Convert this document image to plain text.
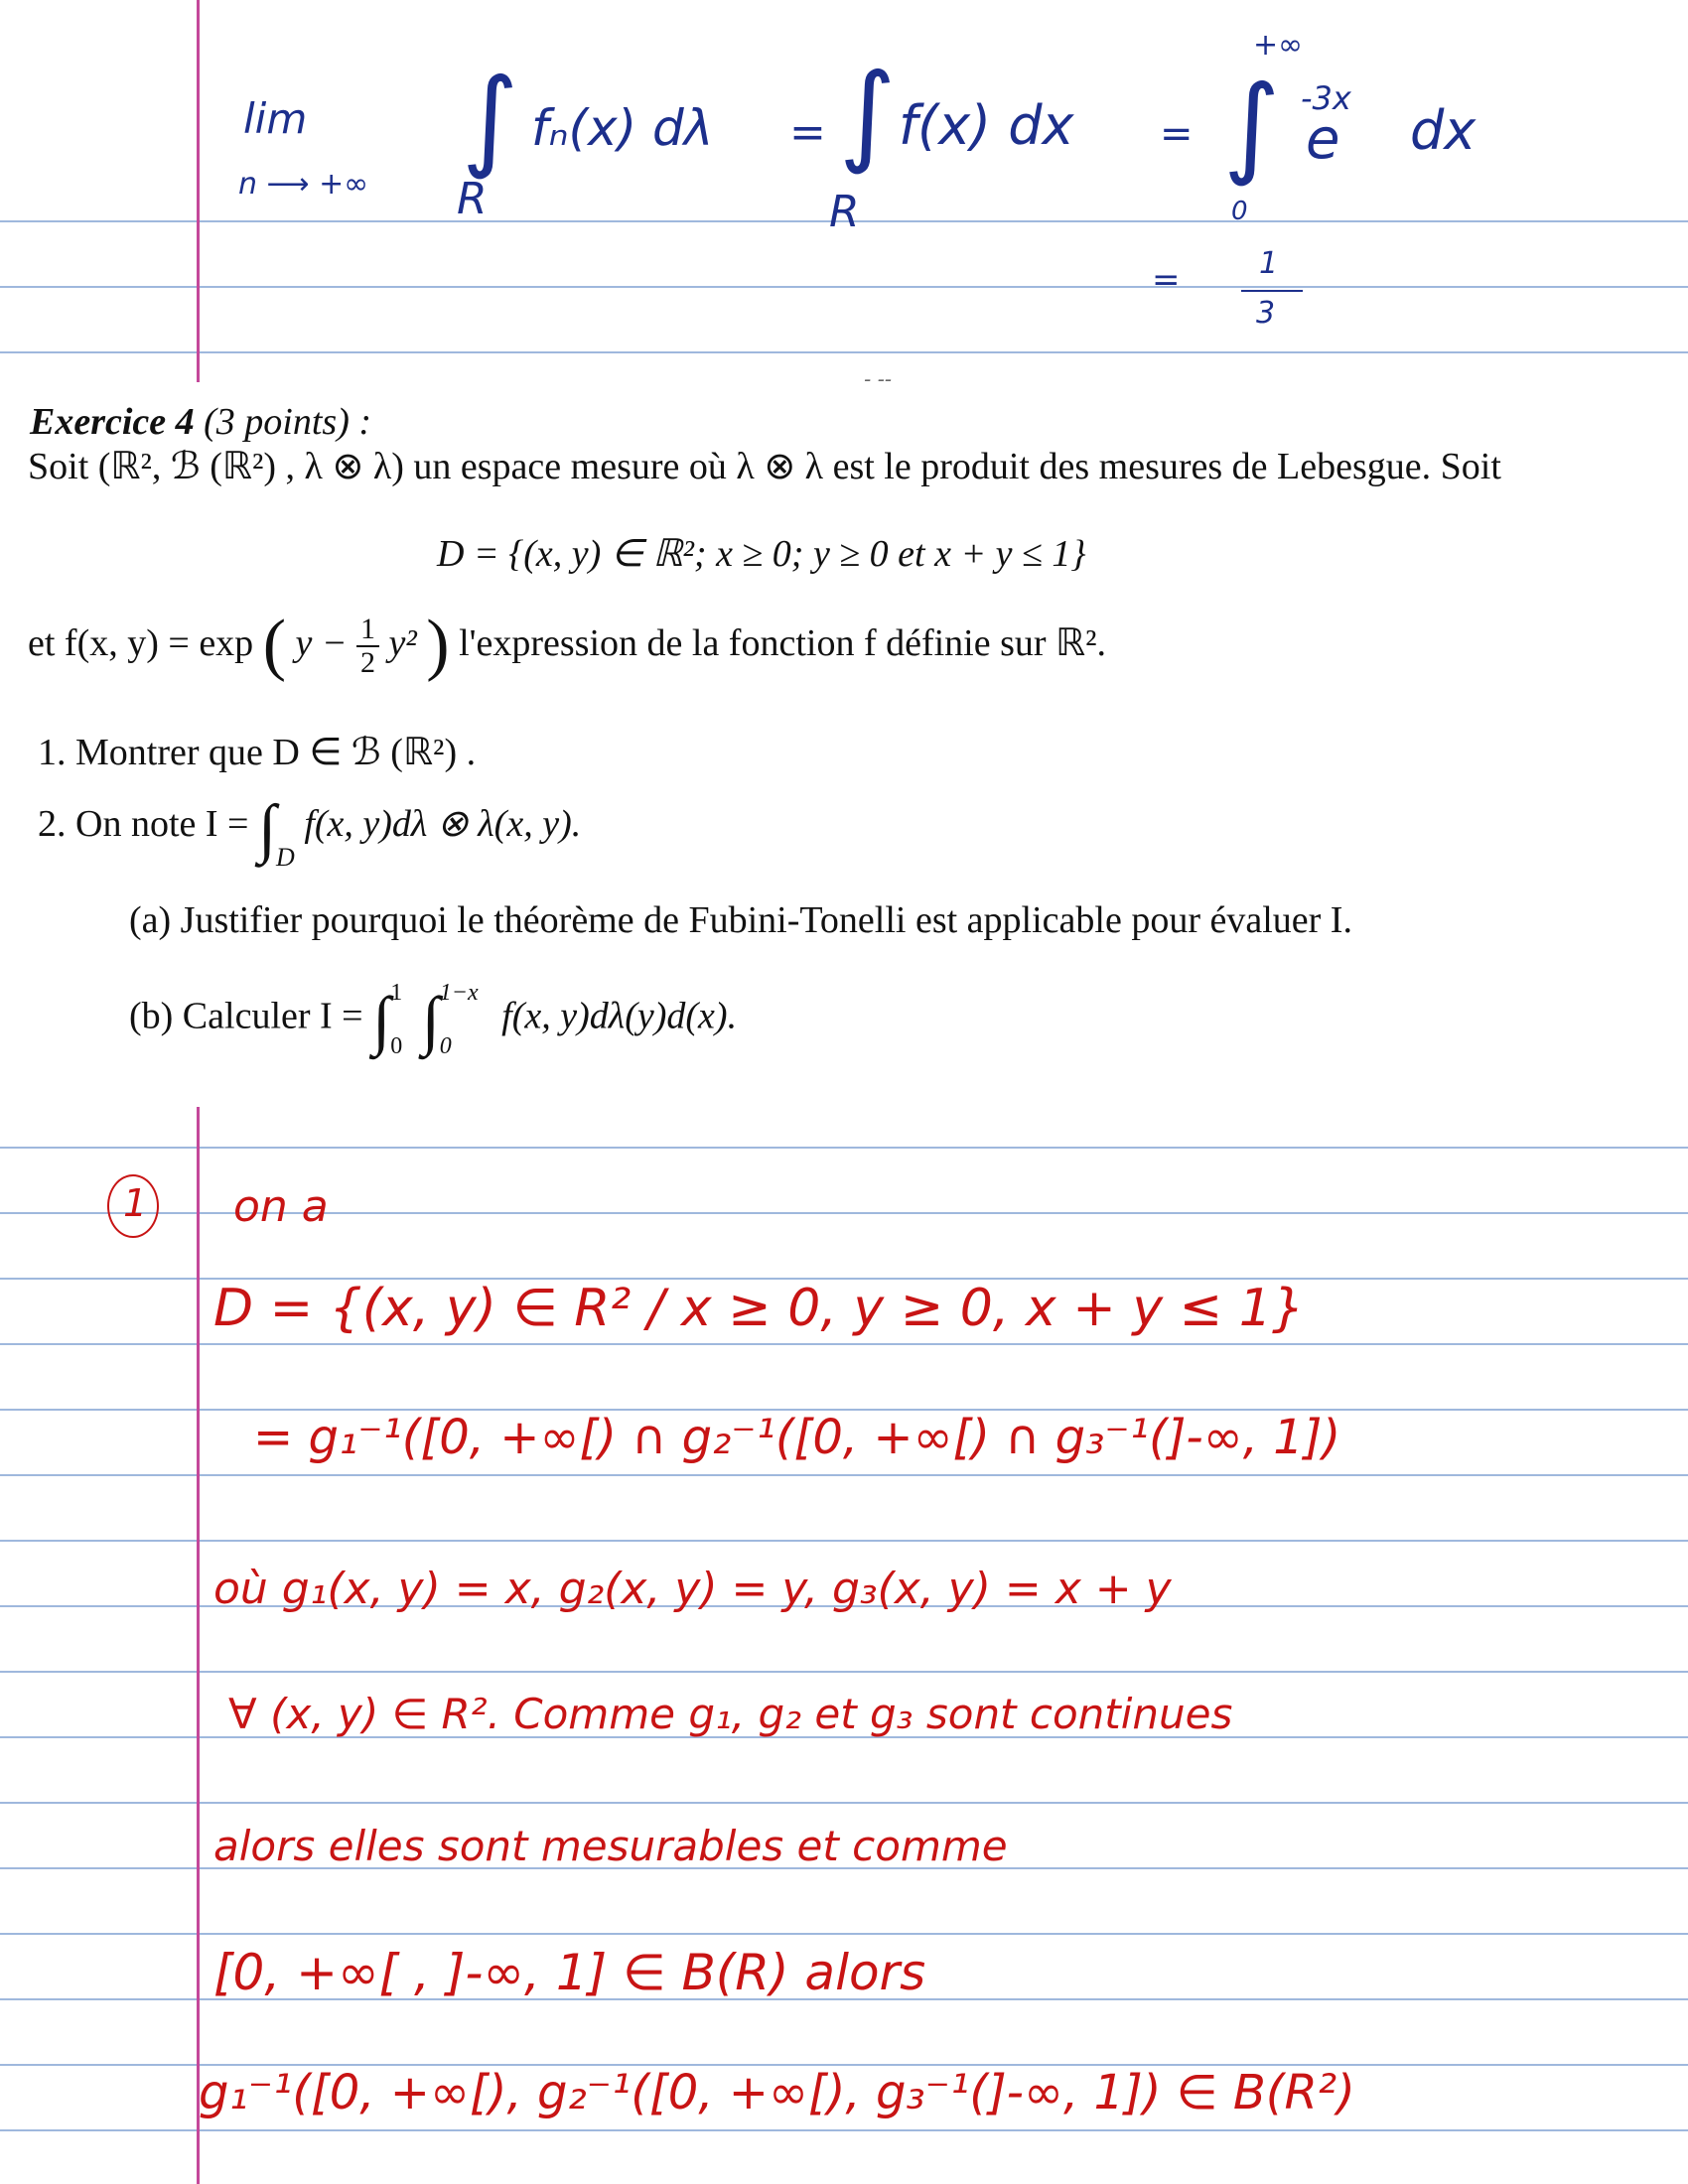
lim
n ⟶ +∞
∫
R
fₙ(x) dλ = ∫
R
f(x) dx =
+∞
∫
0
e
-3x
dx
=	1
3
- --
Exercice 4 (3 points) :
Soit (ℝ², ℬ (ℝ²) , λ ⊗ λ) un espace mesure où λ ⊗ λ est le produit des mesures de Lebesgue. Soit
D = {(x, y) ∈ ℝ²; x ≥ 0; y ≥ 0 et x + y ≤ 1}
et f(x, y) = exp ( $y - \frac{1}{2} y^2$ ) l'expression de la fonction f définie sur ℝ².
1. Montrer que D ∈ ℬ (ℝ²) .
2. On note $I = \int_D$ f(x, y)dλ ⊗ λ(x, y).
(a) Justifier pourquoi le théorème de Fubini-Tonelli est applicable pour évaluer I.
(b) Calculer I = ∫ 1
0 ∫ 1−x
0
f(x, y)dλ(y)d(x).
1 on a
D = {(x, y) ∈ R² / x ≥ 0, y ≥ 0, x + y ≤ 1}
= g₁⁻¹([0, +∞[) ∩ g₂⁻¹([0, +∞[) ∩ g₃⁻¹(]-∞, 1])
où g₁(x, y) = x, g₂(x, y) = y, g₃(x, y) = x + y
∀ (x, y) ∈ R². Comme g₁, g₂ et g₃ sont continues
alors elles sont mesurables et comme
[0, +∞[ , ]-∞, 1] ∈ B(R) alors
g₁⁻¹([0, +∞[), g₂⁻¹([0, +∞[), g₃⁻¹(]-∞, 1]) ∈ B(R²)
